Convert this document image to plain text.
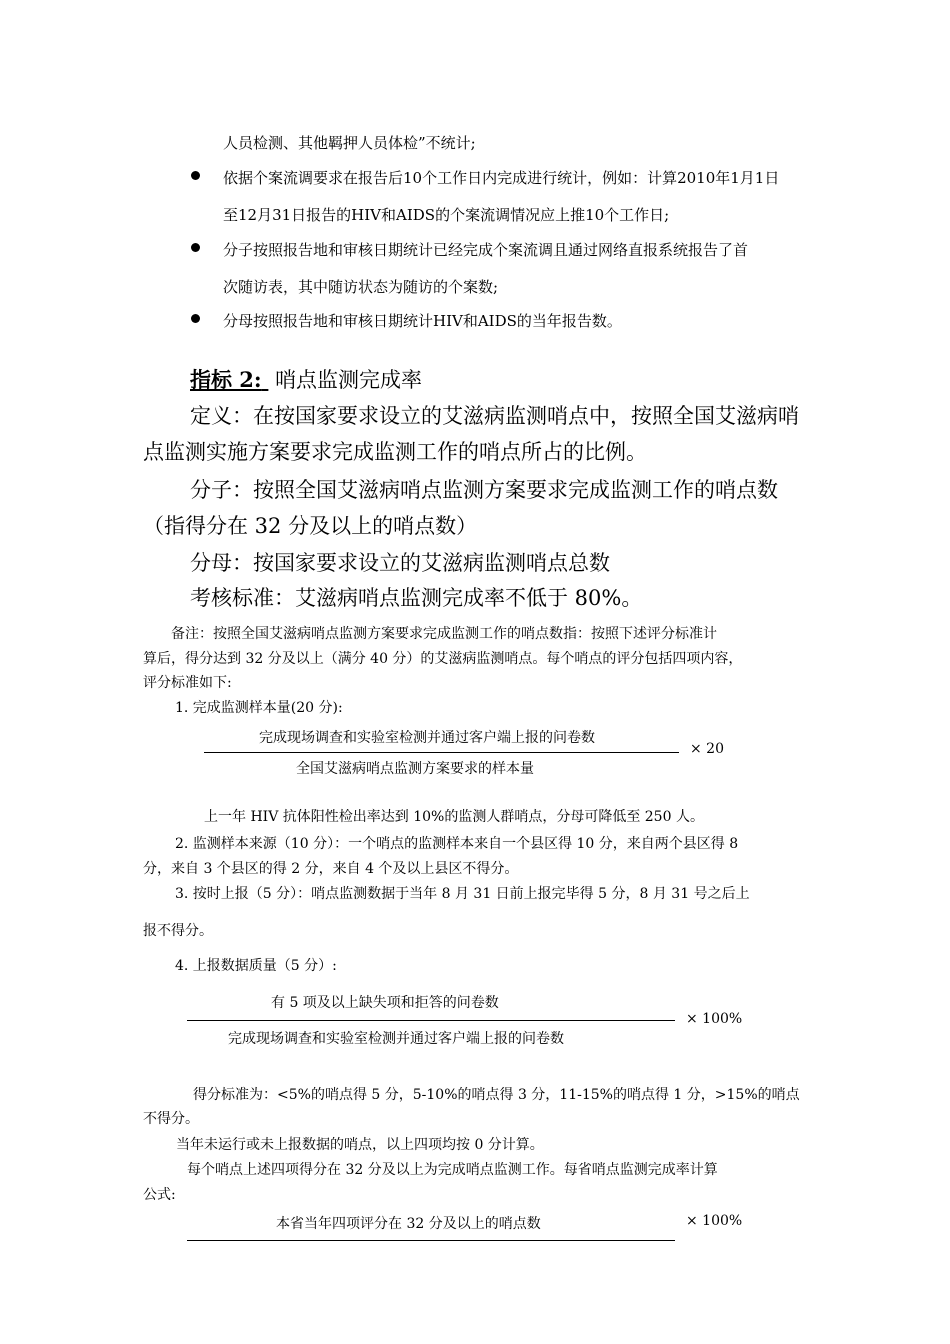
人员检测、其他羁押人员体检”不统计;
依据个案流调要求在报告后10个工作日内完成进行统计，例如：计算2010年1月1日
至12月31日报告的HIV和AIDS的个案流调情况应上推10个工作日;
分子按照报告地和审核日期统计已经完成个案流调且通过网络直报系统报告了首
次随访表，其中随访状态为随访的个案数;
分母按照报告地和审核日期统计HIV和AIDS的当年报告数。
指标 2: 哨点监测完成率
定义：在按国家要求设立的艾滋病监测哨点中，按照全国艾滋病哨
点监测实施方案要求完成监测工作的哨点所占的比例。
分子：按照全国艾滋病哨点监测方案要求完成监测工作的哨点数
（指得分在 32 分及以上的哨点数）
分母：按国家要求设立的艾滋病监测哨点总数
考核标准：艾滋病哨点监测完成率不低于 80%。
备注：按照全国艾滋病哨点监测方案要求完成监测工作的哨点数指：按照下述评分标准计
算后，得分达到 32 分及以上（满分 40 分）的艾滋病监测哨点。每个哨点的评分包括四项内容，
评分标准如下:
1. 完成监测样本量(20 分):
完成现场调查和实验室检测并通过客户端上报的问卷数
× 20
全国艾滋病哨点监测方案要求的样本量
上一年 HIV 抗体阳性检出率达到 10%的监测人群哨点，分母可降低至 250 人。
2. 监测样本来源（10 分）：一个哨点的监测样本来自一个县区得 10 分，来自两个县区得 8
分，来自 3 个县区的得 2 分，来自 4 个及以上县区不得分。
3. 按时上报（5 分）：哨点监测数据于当年 8 月 31 日前上报完毕得 5 分，8 月 31 号之后上
报不得分。
4. 上报数据质量（5 分）:
有 5 项及以上缺失项和拒答的问卷数
× 100%
完成现场调查和实验室检测并通过客户端上报的问卷数
得分标准为：<5%的哨点得 5 分，5-10%的哨点得 3 分，11-15%的哨点得 1 分，>15%的哨点
不得分。
当年未运行或未上报数据的哨点，以上四项均按 0 分计算。
每个哨点上述四项得分在 32 分及以上为完成哨点监测工作。每省哨点监测完成率计算
公式:
本省当年四项评分在 32 分及以上的哨点数	× 100%
